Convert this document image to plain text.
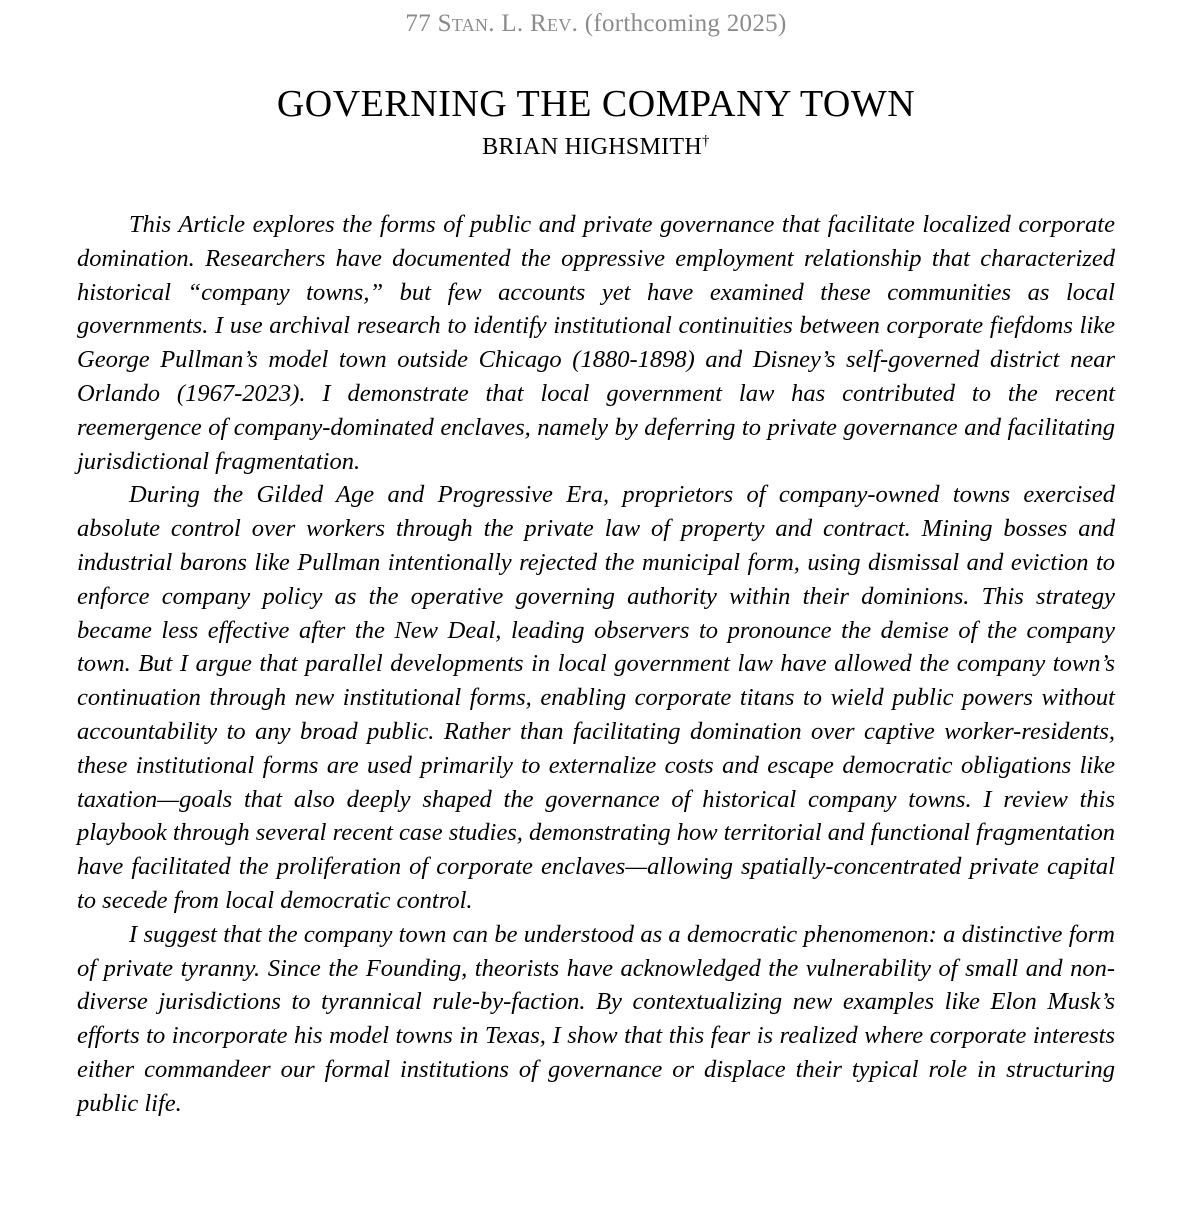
77 Stan. L. Rev. (forthcoming 2025)
GOVERNING THE COMPANY TOWN
BRIAN HIGHSMITH†

This Article explores the forms of public and private governance that facilitate localized corporate domination. Researchers have documented the oppressive employment relationship that characterized historical “company towns,” but few accounts yet have examined these communities as local governments. I use archival research to identify institutional continuities between corporate fiefdoms like George Pullman’s model town outside Chicago (1880-1898) and Disney’s self-governed district near Orlando (1967-2023). I demonstrate that local government law has contributed to the recent reemergence of company-dominated enclaves, namely by deferring to private governance and facilitating jurisdictional fragmentation.

During the Gilded Age and Progressive Era, proprietors of company-owned towns exercised absolute control over workers through the private law of property and contract. Mining bosses and industrial barons like Pullman intentionally rejected the municipal form, using dismissal and eviction to enforce company policy as the operative governing authority within their dominions. This strategy became less effective after the New Deal, leading observers to pronounce the demise of the company town. But I argue that parallel developments in local government law have allowed the company town’s continuation through new institutional forms, enabling corporate titans to wield public powers without accountability to any broad public. Rather than facilitating domination over captive worker-residents, these institutional forms are used primarily to externalize costs and escape democratic obligations like taxation—goals that also deeply shaped the governance of historical company towns. I review this playbook through several recent case studies, demonstrating how territorial and functional fragmentation have facilitated the proliferation of corporate enclaves—allowing spatially-concentrated private capital to secede from local democratic control.

I suggest that the company town can be understood as a democratic phenomenon: a distinctive form of private tyranny. Since the Founding, theorists have acknowledged the vulnerability of small and non-diverse jurisdictions to tyrannical rule-by-faction. By contextualizing new examples like Elon Musk’s efforts to incorporate his model towns in Texas, I show that this fear is realized where corporate interests either commandeer our formal institutions of governance or displace their typical role in structuring public life.
